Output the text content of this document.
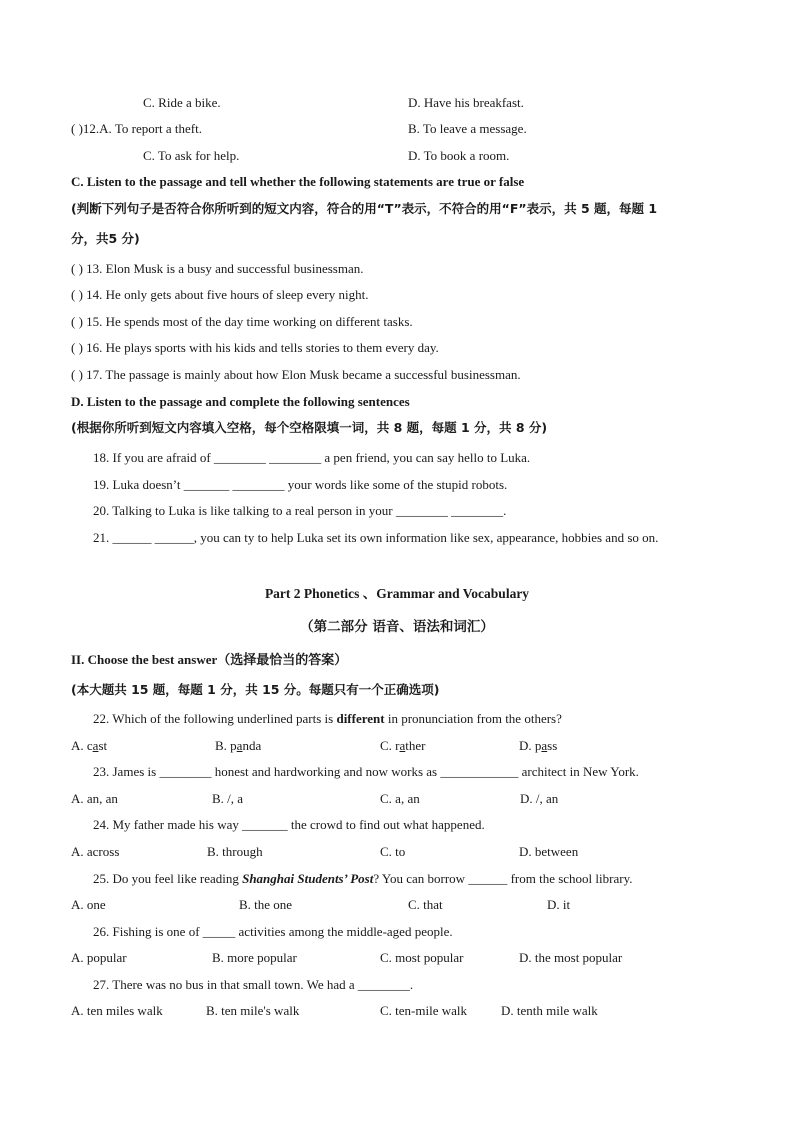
C. Ride a bike.	D. Have his breakfast.
( )12.A. To report a theft.	B. To leave a message.
C. To ask for help.	D. To book a room.
C. Listen to the passage and tell whether the following statements are true or false
(判断下列句子是否符合你所听到的短文内容，符合的用“T”表示，不符合的用“F”表示，共 5 题，每题 1
分，共5 分)
( ) 13. Elon Musk is a busy and successful businessman.
( ) 14. He only gets about five hours of sleep every night.
( ) 15. He spends most of the day time working on different tasks.
( ) 16. He plays sports with his kids and tells stories to them every day.
( ) 17. The passage is mainly about how Elon Musk became a successful businessman.
D. Listen to the passage and complete the following sentences
(根据你所听到短文内容填入空格，每个空格限填一词，共 8 题，每题 1 分，共 8 分)
18. If you are afraid of ________ ________ a pen friend, you can say hello to Luka.
19. Luka doesn’t _______ ________ your words like some of the stupid robots.
20. Talking to Luka is like talking to a real person in your ________ ________.
21. ______ ______, you can ty to help Luka set its own information like sex, appearance, hobbies and so on.
Part 2 Phonetics 、Grammar and Vocabulary
（第二部分 语音、语法和词汇）
II. Choose the best answer（选择最恰当的答案）
(本大题共 15 题，每题 1 分，共 15 分。每题只有一个正确选项)
22. Which of the following underlined parts is different in pronunciation from the others?
A. cast	B. panda	C. rather	D. pass
23. James is ________ honest and hardworking and now works as ____________ architect in New York.
A. an, an	B. /, a	C. a, an	D. /, an
24. My father made his way _______ the crowd to find out what happened.
A. across	B. through	C. to	D. between
25. Do you feel like reading Shanghai Students’ Post? You can borrow ______ from the school library.
A. one	B. the one	C. that	D. it
26. Fishing is one of _____ activities among the middle-aged people.
A. popular	B. more popular	C. most popular	D. the most popular
27. There was no bus in that small town. We had a ________.
A. ten miles walk	B. ten mile's walk	C. ten-mile walk	D. tenth mile walk
